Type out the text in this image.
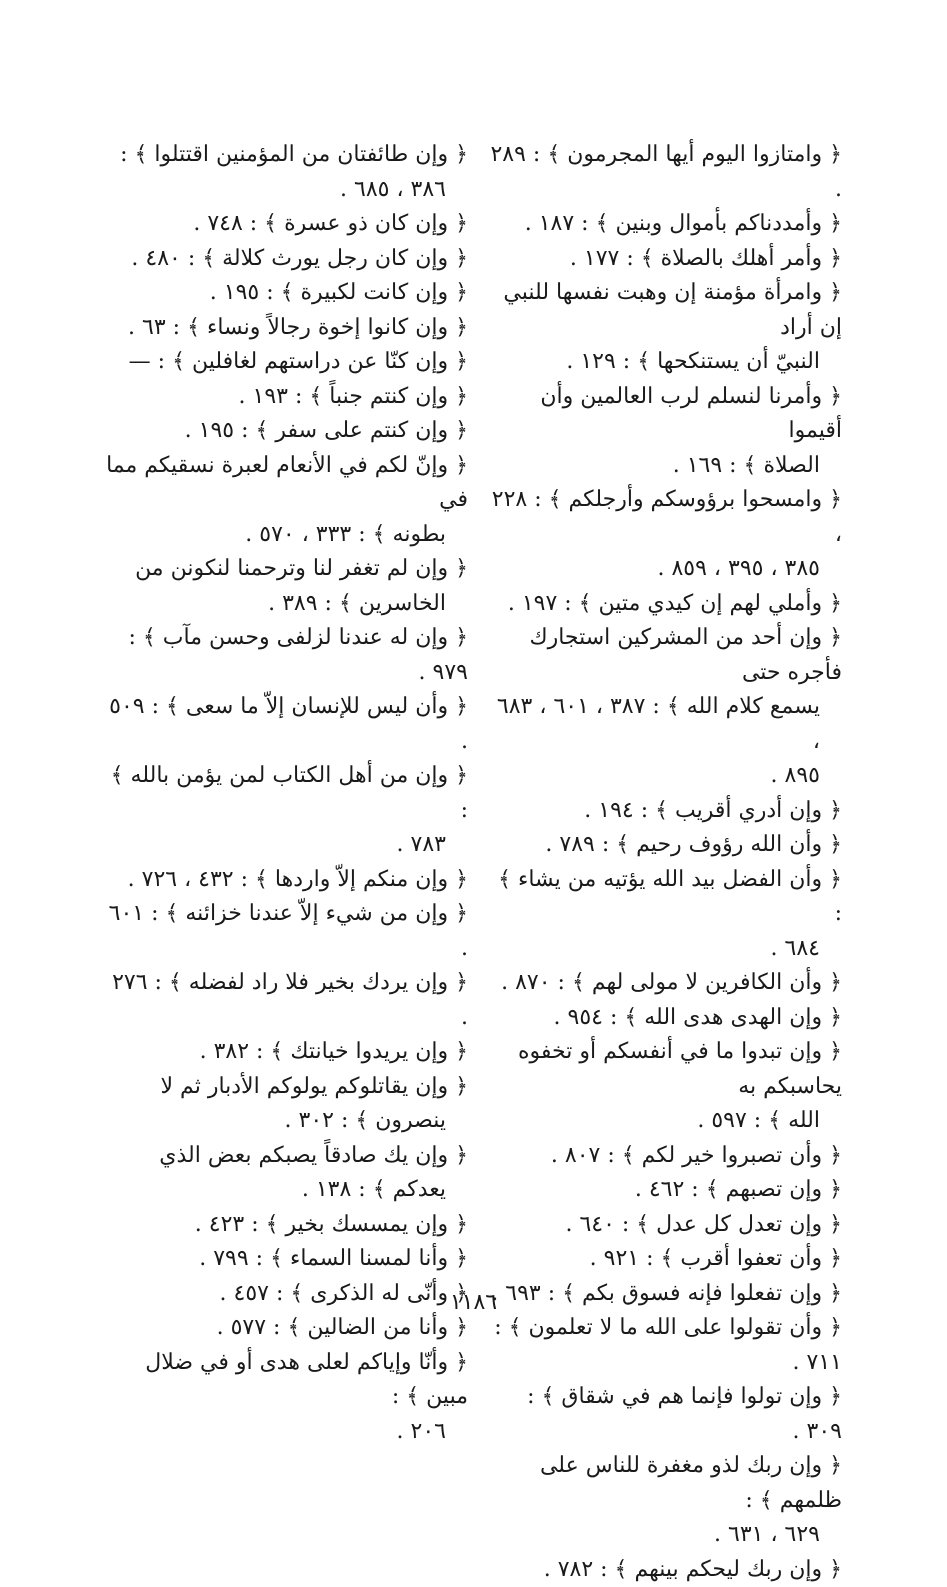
﴿ وامتازوا اليوم أيها المجرمون ﴾ : ٢٨٩ .
﴿ وأمددناكم بأموال وبنين ﴾ : ١٨٧ .
﴿ وأمر أهلك بالصلاة ﴾ : ١٧٧ .
﴿ وامرأة مؤمنة إن وهبت نفسها للنبي إن أراد
النبيّ أن يستنكحها ﴾ : ١٢٩ .
﴿ وأمرنا لنسلم لرب العالمين وأن أقيموا
الصلاة ﴾ : ١٦٩ .
﴿ وامسحوا برؤوسكم وأرجلكم ﴾ : ٢٢٨ ،
٣٨٥ ، ٣٩٥ ، ٨٥٩ .
﴿ وأملي لهم إن كيدي متين ﴾ : ١٩٧ .
﴿ وإن أحد من المشركين استجارك فأجره حتى
يسمع كلام الله ﴾ : ٣٨٧ ، ٦٠١ ، ٦٨٣ ،
٨٩٥ .
﴿ وإن أدري أقريب ﴾ : ١٩٤ .
﴿ وأن الله رؤوف رحيم ﴾ : ٧٨٩ .
﴿ وأن الفضل بيد الله يؤتيه من يشاء ﴾ :
٦٨٤ .
﴿ وأن الكافرين لا مولى لهم ﴾ : ٨٧٠ .
﴿ وإن الهدى هدى الله ﴾ : ٩٥٤ .
﴿ وإن تبدوا ما في أنفسكم أو تخفوه يحاسبكم به
الله ﴾ : ٥٩٧ .
﴿ وأن تصبروا خير لكم ﴾ : ٨٠٧ .
﴿ وإن تصبهم ﴾ : ٤٦٢ .
﴿ وإن تعدل كل عدل ﴾ : ٦٤٠ .
﴿ وأن تعفوا أقرب ﴾ : ٩٢١ .
﴿ وإن تفعلوا فإنه فسوق بكم ﴾ : ٦٩٣ .
﴿ وأن تقولوا على الله ما لا تعلمون ﴾ : ٧١١ .
﴿ وإن تولوا فإنما هم في شقاق ﴾ : ٣٠٩ .
﴿ وإن ربك لذو مغفرة للناس على ظلمهم ﴾ :
٦٢٩ ، ٦٣١ .
﴿ وإن ربك ليحكم بينهم ﴾ : ٧٨٢ .
﴿ وإن طائفتان من المؤمنين اقتتلوا ﴾ :
٣٨٦ ، ٦٨٥ .
﴿ وإن كان ذو عسرة ﴾ : ٧٤٨ .
﴿ وإن كان رجل يورث كلالة ﴾ : ٤٨٠ .
﴿ وإن كانت لكبيرة ﴾ : ١٩٥ .
﴿ وإن كانوا إخوة رجالاً ونساء ﴾ : ٦٣ .
﴿ وإن كنّا عن دراستهم لغافلين ﴾ : —
﴿ وإن كنتم جنباً ﴾ : ١٩٣ .
﴿ وإن كنتم على سفر ﴾ : ١٩٥ .
﴿ وإنّ لكم في الأنعام لعبرة نسقيكم مما في
بطونه ﴾ : ٣٣٣ ، ٥٧٠ .
﴿ وإن لم تغفر لنا وترحمنا لنكونن من
الخاسرين ﴾ : ٣٨٩ .
﴿ وإن له عندنا لزلفى وحسن مآب ﴾ : ٩٧٩ .
﴿ وأن ليس للإنسان إلاّ ما سعى ﴾ : ٥٠٩ .
﴿ وإن من أهل الكتاب لمن يؤمن بالله ﴾ :
٧٨٣ .
﴿ وإن منكم إلاّ واردها ﴾ : ٤٣٢ ، ٧٢٦ .
﴿ وإن من شيء إلاّ عندنا خزائنه ﴾ : ٦٠١ .
﴿ وإن يردك بخير فلا راد لفضله ﴾ : ٢٧٦ .
﴿ وإن يريدوا خيانتك ﴾ : ٣٨٢ .
﴿ وإن يقاتلوكم يولوكم الأدبار ثم لا
ينصرون ﴾ : ٣٠٢ .
﴿ وإن يك صادقاً يصبكم بعض الذي
يعدكم ﴾ : ١٣٨ .
﴿ وإن يمسسك بخير ﴾ : ٤٢٣ .
﴿ وأنا لمسنا السماء ﴾ : ٧٩٩ .
﴿ وأنّى له الذكرى ﴾ : ٤٥٧ .
﴿ وأنا من الضالين ﴾ : ٥٧٧ .
﴿ وأنّا وإياكم لعلى هدى أو في ضلال مبين ﴾ :
٢٠٦ .
١١٨٦
